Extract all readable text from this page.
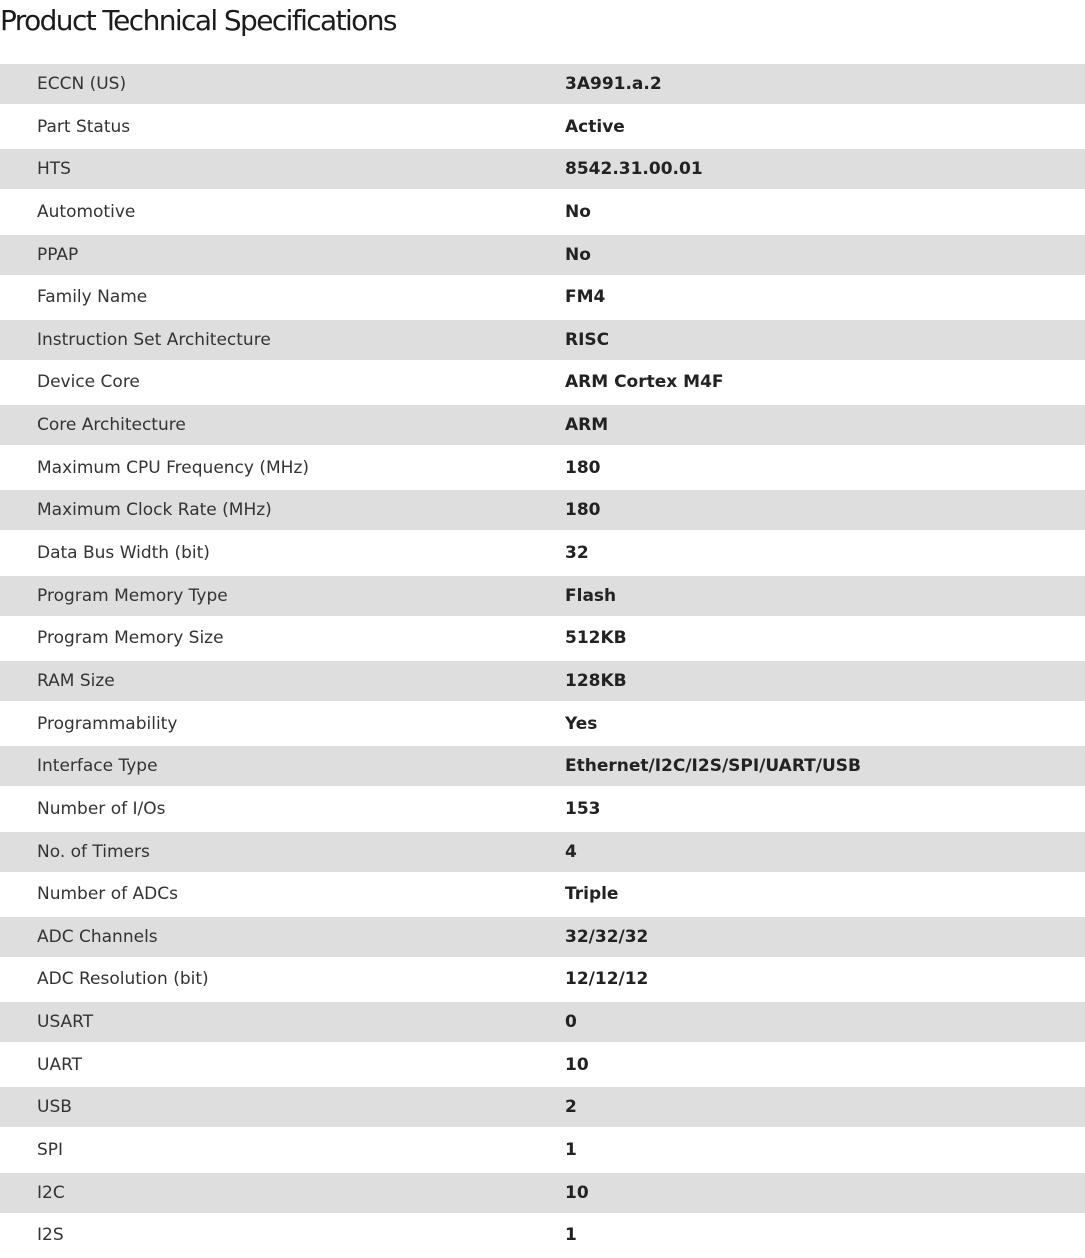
Product Technical Specifications
ECCN (US)	3A991.a.2
Part Status	Active
HTS	8542.31.00.01
Automotive	No
PPAP	No
Family Name	FM4
Instruction Set Architecture	RISC
Device Core	ARM Cortex M4F
Core Architecture	ARM
Maximum CPU Frequency (MHz)	180
Maximum Clock Rate (MHz)	180
Data Bus Width (bit)	32
Program Memory Type	Flash
Program Memory Size	512KB
RAM Size	128KB
Programmability	Yes
Interface Type	Ethernet/I2C/I2S/SPI/UART/USB
Number of I/Os	153
No. of Timers	4
Number of ADCs	Triple
ADC Channels	32/32/32
ADC Resolution (bit)	12/12/12
USART	0
UART	10
USB	2
SPI	1
I2C	10
I2S	1
